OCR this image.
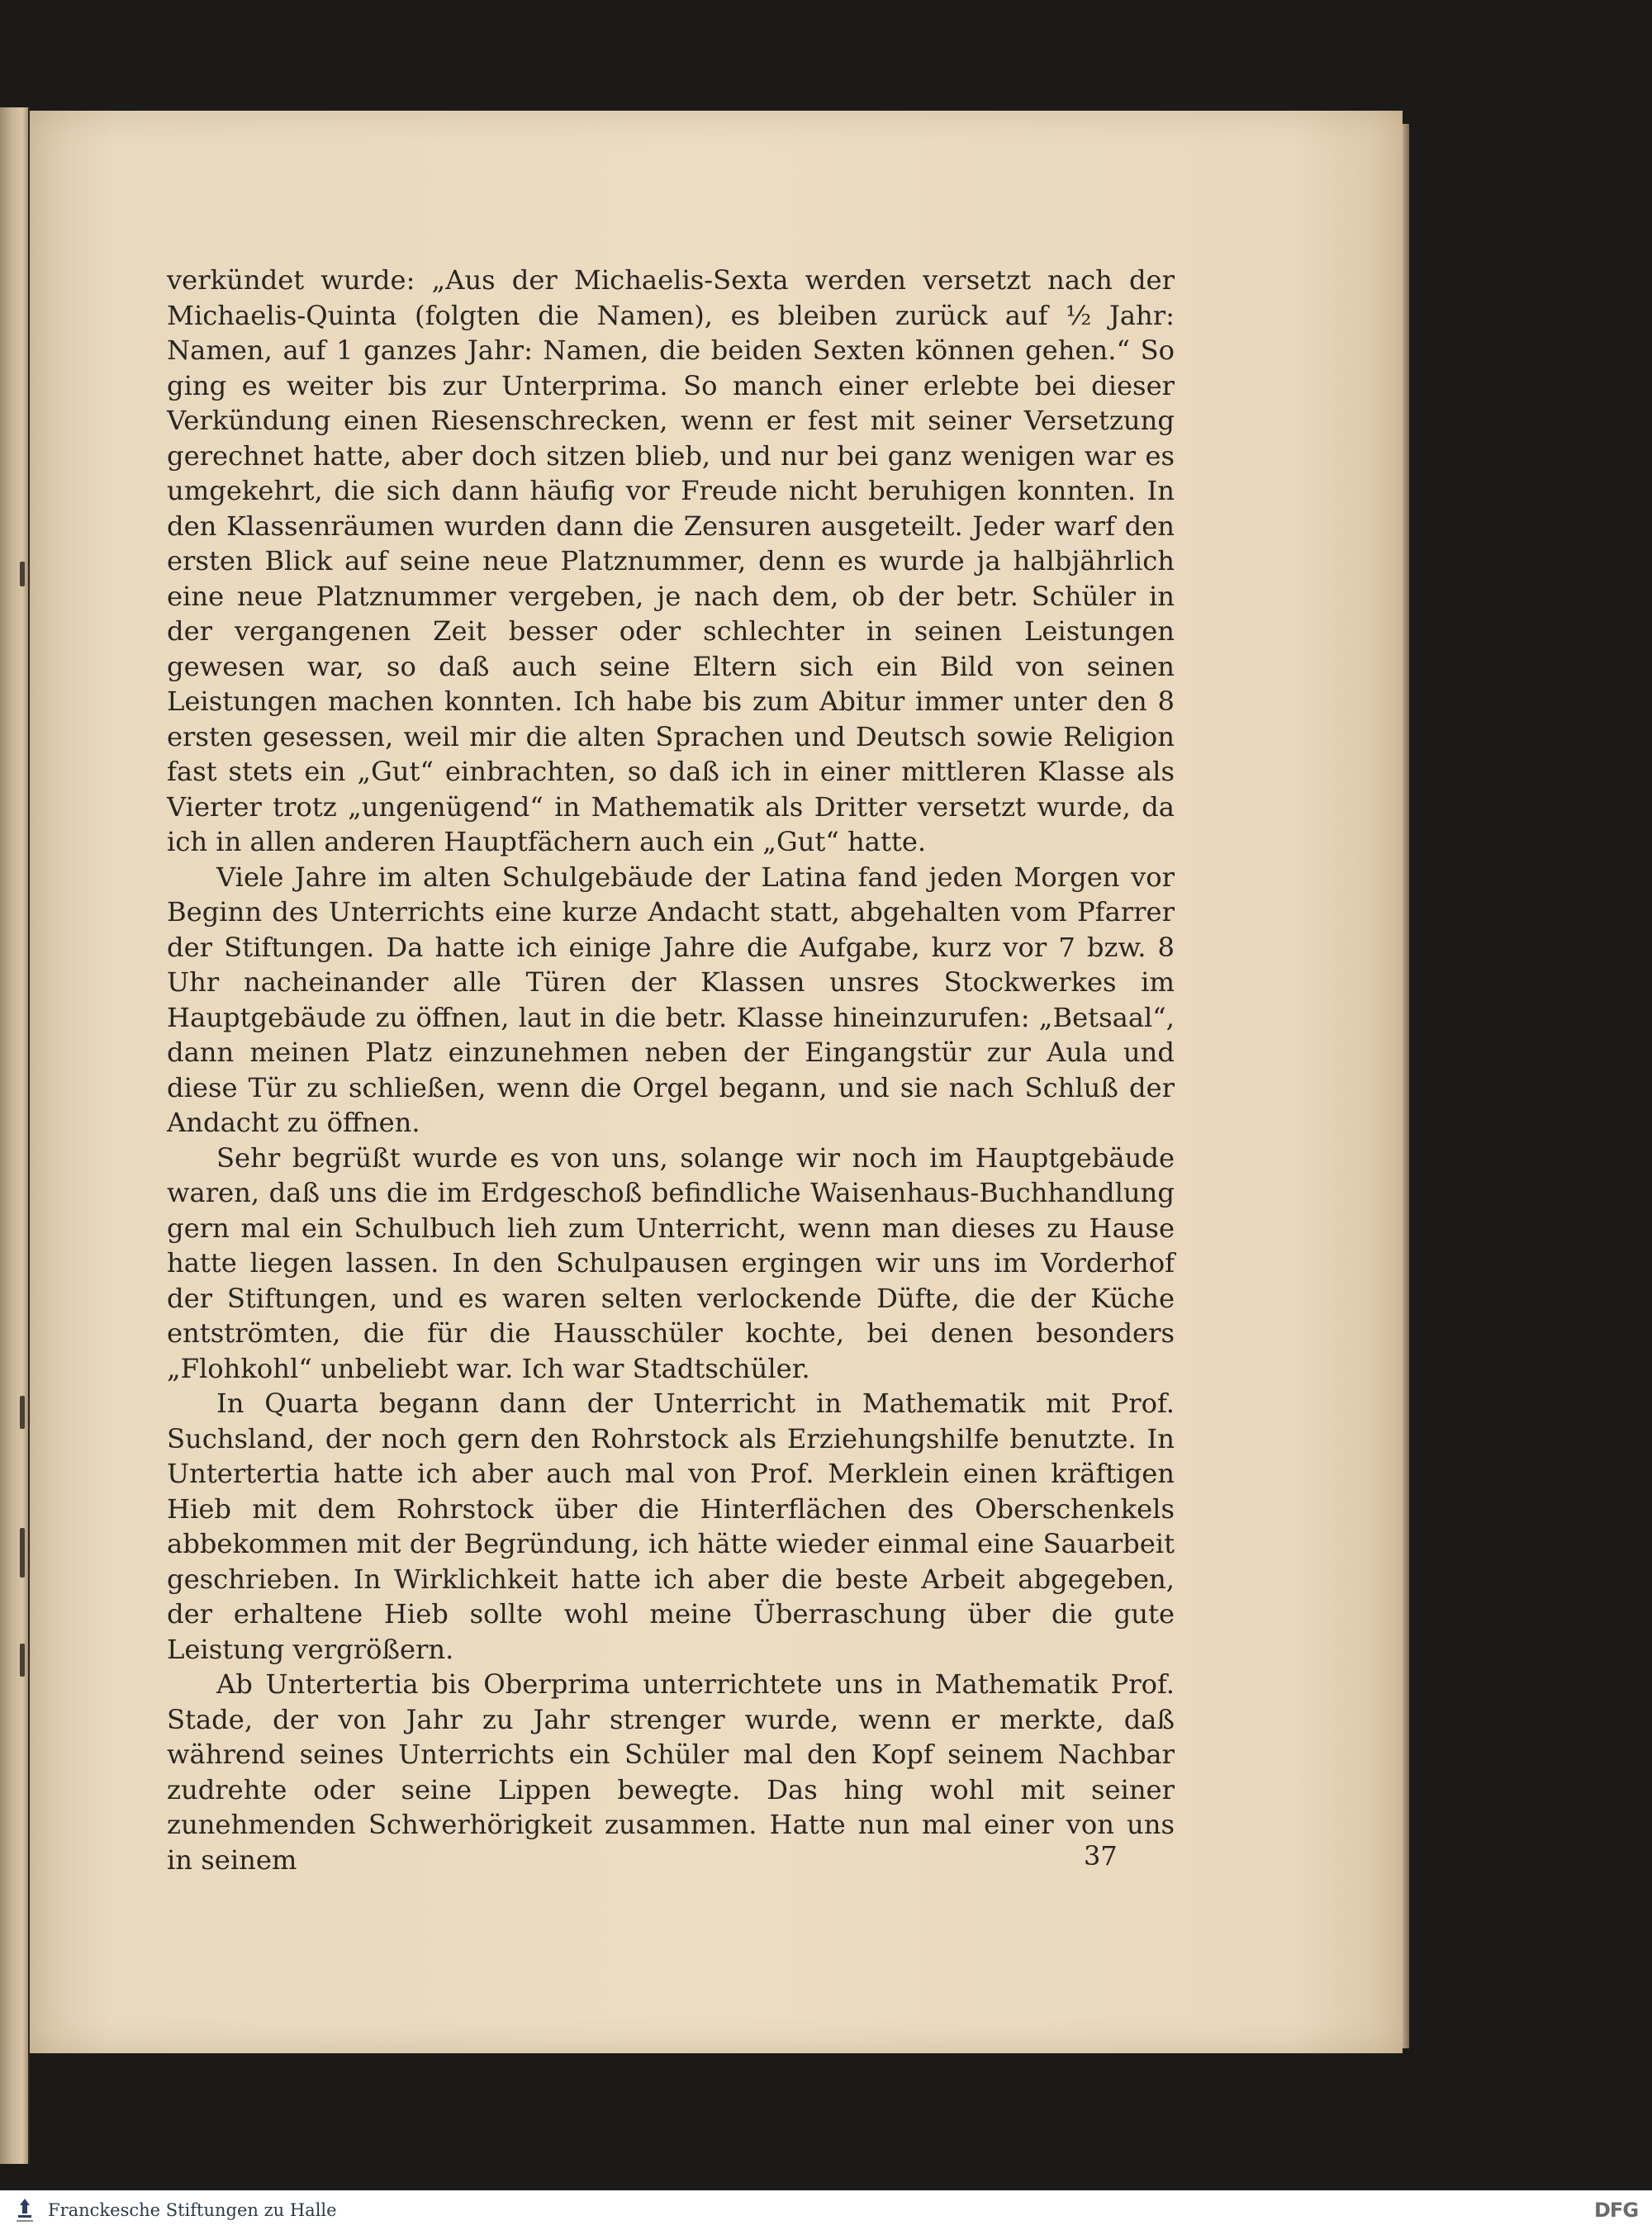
verkündet wurde: „Aus der Michaelis-Sexta werden versetzt nach der Michaelis-Quinta (folgten die Namen), es bleiben zurück auf ½ Jahr: Namen, auf 1 ganzes Jahr: Namen, die beiden Sexten können gehen.“ So ging es weiter bis zur Unterprima. So manch einer erlebte bei dieser Verkündung einen Riesenschrecken, wenn er fest mit seiner Versetzung gerechnet hatte, aber doch sitzen blieb, und nur bei ganz wenigen war es umgekehrt, die sich dann häufig vor Freude nicht beruhigen konnten. In den Klassenräumen wurden dann die Zensuren ausgeteilt. Jeder warf den ersten Blick auf seine neue Platznummer, denn es wurde ja halbjährlich eine neue Platznummer vergeben, je nach dem, ob der betr. Schüler in der vergangenen Zeit besser oder schlechter in seinen Leistungen gewesen war, so daß auch seine Eltern sich ein Bild von seinen Leistungen machen konnten. Ich habe bis zum Abitur immer unter den 8 ersten gesessen, weil mir die alten Sprachen und Deutsch sowie Religion fast stets ein „Gut“ einbrachten, so daß ich in einer mittleren Klasse als Vierter trotz „ungenügend“ in Mathematik als Dritter versetzt wurde, da ich in allen anderen Hauptfächern auch ein „Gut“ hatte.

Viele Jahre im alten Schulgebäude der Latina fand jeden Morgen vor Beginn des Unterrichts eine kurze Andacht statt, abgehalten vom Pfarrer der Stiftungen. Da hatte ich einige Jahre die Aufgabe, kurz vor 7 bzw. 8 Uhr nacheinander alle Türen der Klassen unsres Stockwerkes im Hauptgebäude zu öffnen, laut in die betr. Klasse hineinzurufen: „Betsaal“, dann meinen Platz einzunehmen neben der Eingangstür zur Aula und diese Tür zu schließen, wenn die Orgel begann, und sie nach Schluß der Andacht zu öffnen.

Sehr begrüßt wurde es von uns, solange wir noch im Hauptgebäude waren, daß uns die im Erdgeschoß befindliche Waisenhaus-Buchhandlung gern mal ein Schulbuch lieh zum Unterricht, wenn man dieses zu Hause hatte liegen lassen. In den Schulpausen ergingen wir uns im Vorderhof der Stiftungen, und es waren selten verlockende Düfte, die der Küche entströmten, die für die Hausschüler kochte, bei denen besonders „Flohkohl“ unbeliebt war. Ich war Stadtschüler.

In Quarta begann dann der Unterricht in Mathematik mit Prof. Suchsland, der noch gern den Rohrstock als Erziehungshilfe benutzte. In Untertertia hatte ich aber auch mal von Prof. Merklein einen kräftigen Hieb mit dem Rohrstock über die Hinterflächen des Oberschenkels abbekommen mit der Begründung, ich hätte wieder einmal eine Sauarbeit geschrieben. In Wirklichkeit hatte ich aber die beste Arbeit abgegeben, der erhaltene Hieb sollte wohl meine Überraschung über die gute Leistung vergrößern.

Ab Untertertia bis Oberprima unterrichtete uns in Mathematik Prof. Stade, der von Jahr zu Jahr strenger wurde, wenn er merkte, daß während seines Unterrichts ein Schüler mal den Kopf seinem Nachbar zudrehte oder seine Lippen bewegte. Das hing wohl mit seiner zunehmenden Schwerhörigkeit zusammen. Hatte nun mal einer von uns in seinem	37
Franckesche Stiftungen zu Halle	DFG
